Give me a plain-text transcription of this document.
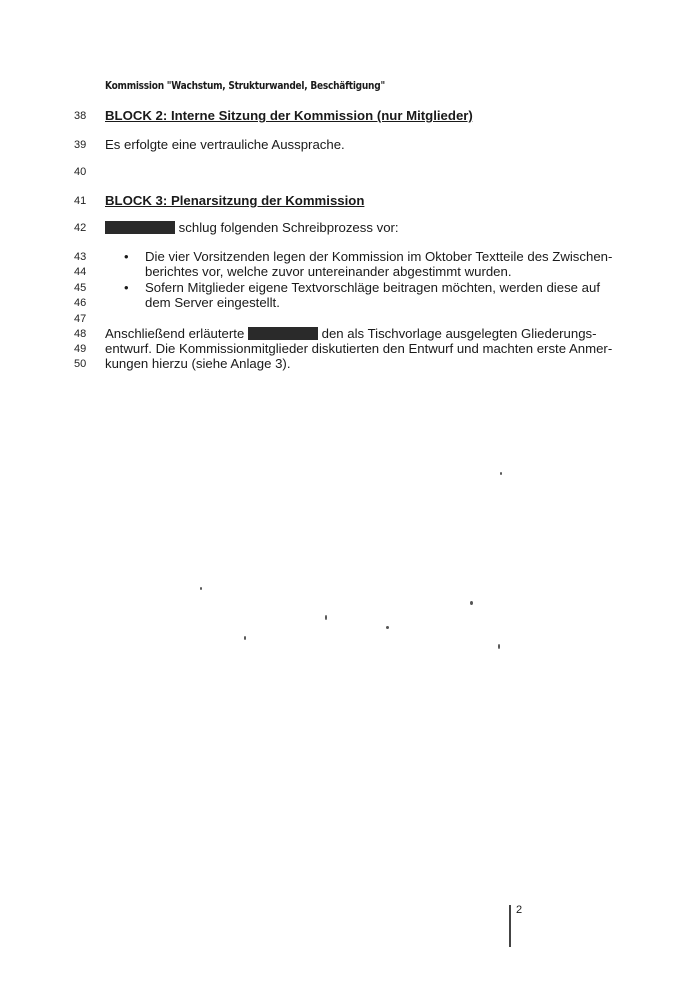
Kommission "Wachstum, Strukturwandel, Beschäftigung"
38	BLOCK 2: Interne Sitzung der Kommission (nur Mitglieder)
39	Es erfolgte eine vertrauliche Aussprache.
40
41	BLOCK 3: Plenarsitzung der Kommission
42	schlug folgenden Schreibprozess vor:
43
44
• Die vier Vorsitzenden legen der Kommission im Oktober Textteile des Zwischen-
berichtes vor, welche zuvor untereinander abgestimmt wurden.
45
46
• Sofern Mitglieder eigene Textvorschläge beitragen möchten, werden diese auf
dem Server eingestellt.
47
48
49
50
Anschließend erläuterte	den als Tischvorlage ausgelegten Gliederungs-
entwurf. Die Kommissionmitglieder diskutierten den Entwurf und machten erste Anmer-
kungen hierzu (siehe Anlage 3).
2
